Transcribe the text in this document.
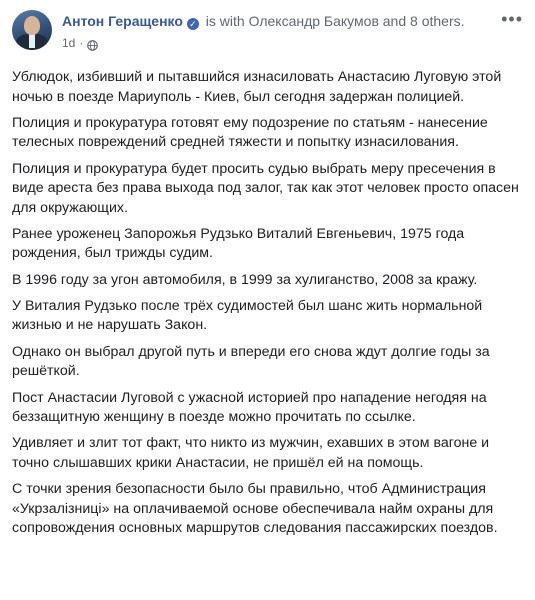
Антон Геращенко ✓ is with Олександр Бакумов and 8 others.
1d ·
•••

Ублюдок, избивший и пытавшийся изнасиловать Анастасию Луговую этой ночью в поезде Мариуполь - Киев, был сегодня задержан полицией.

Полиция и прокуратура готовят ему подозрение по статьям - нанесение телесных повреждений средней тяжести и попытку изнасилования.

Полиция и прокуратура будет просить судью выбрать меру пресечения в виде ареста без права выхода под залог, так как этот человек просто опасен для окружающих.

Ранее уроженец Запорожья Рудзько Виталий Евгеньевич, 1975 года рождения, был трижды судим.

В 1996 году за угон автомобиля, в 1999 за хулиганство, 2008 за кражу.

У Виталия Рудзько после трёх судимостей был шанс жить нормальной жизнью и не нарушать Закон.

Однако он выбрал другой путь и впереди его снова ждут долгие годы за решёткой.

Пост Анастасии Луговой с ужасной историей про нападение негодяя на беззащитную женщину в поезде можно прочитать по ссылке.

Удивляет и злит тот факт, что никто из мужчин, ехавших в этом вагоне и точно слышавших крики Анастасии, не пришёл ей на помощь.

С точки зрения безопасности было бы правильно, чтоб Администрация «Укрзалізниці» на оплачиваемой основе обеспечивала найм охраны для сопровождения основных маршрутов следования пассажирских поездов.
